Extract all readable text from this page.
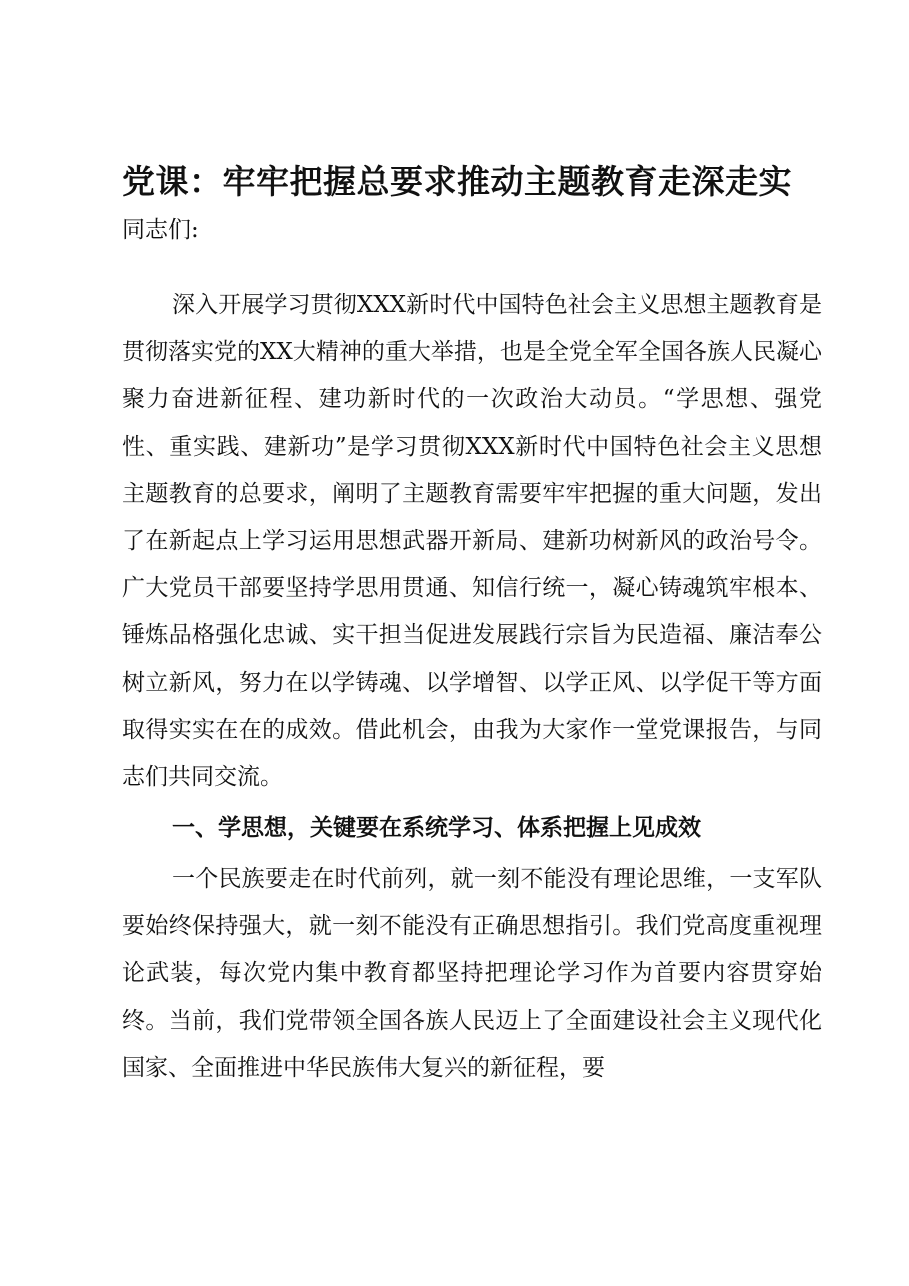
党课：牢牢把握总要求推动主题教育走深走实

同志们:

深入开展学习贯彻XXX新时代中国特色社会主义思想主题教育是贯彻落实党的XX大精神的重大举措，也是全党全军全国各族人民凝心聚力奋进新征程、建功新时代的一次政治大动员。“学思想、强党性、重实践、建新功”是学习贯彻XXX新时代中国特色社会主义思想主题教育的总要求，阐明了主题教育需要牢牢把握的重大问题，发出了在新起点上学习运用思想武器开新局、建新功树新风的政治号令。广大党员干部要坚持学思用贯通、知信行统一，凝心铸魂筑牢根本、锤炼品格强化忠诚、实干担当促进发展践行宗旨为民造福、廉洁奉公树立新风，努力在以学铸魂、以学增智、以学正风、以学促干等方面取得实实在在的成效。借此机会，由我为大家作一堂党课报告，与同志们共同交流。

一、学思想，关键要在系统学习、体系把握上见成效

一个民族要走在时代前列，就一刻不能没有理论思维，一支军队要始终保持强大，就一刻不能没有正确思想指引。我们党高度重视理论武装，每次党内集中教育都坚持把理论学习作为首要内容贯穿始终。当前，我们党带领全国各族人民迈上了全面建设社会主义现代化国家、全面推进中华民族伟大复兴的新征程，要
